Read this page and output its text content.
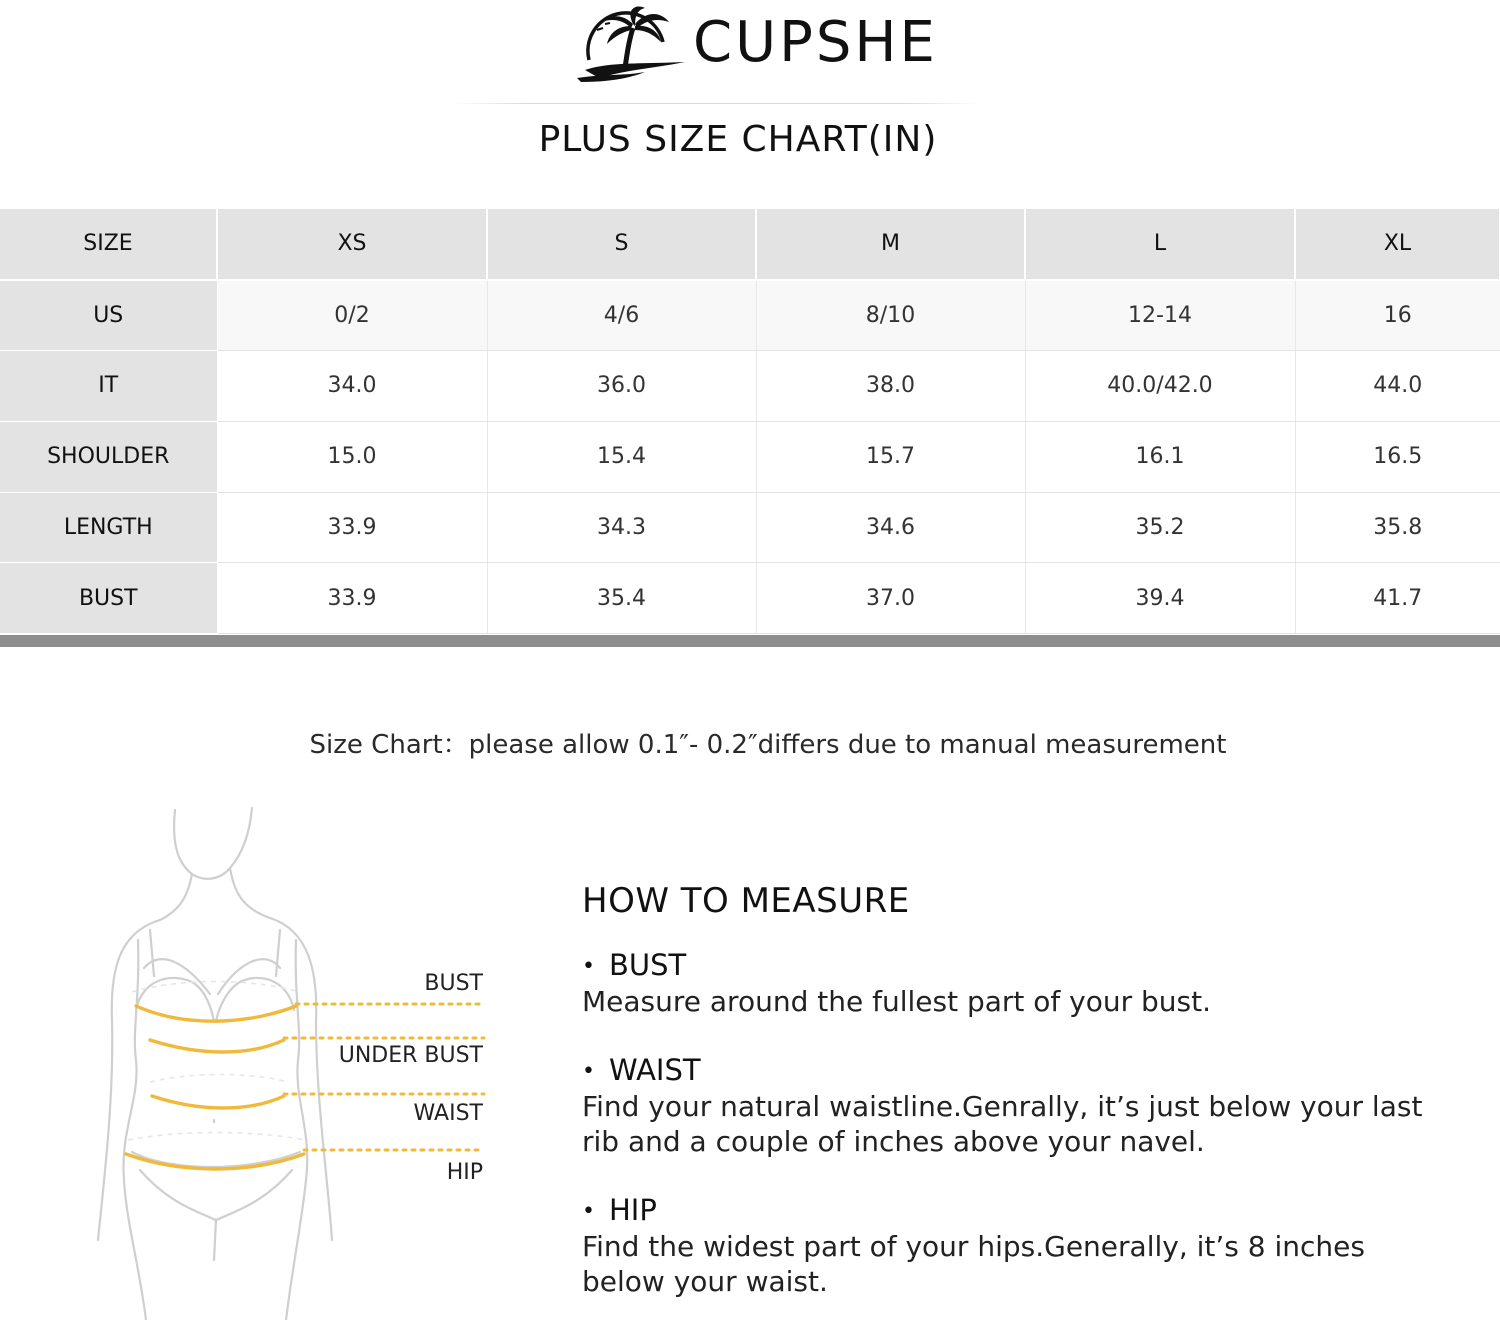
CUPSHE
PLUS SIZE CHART(IN)
SIZE	XS	S	M	L	XL
US	0/2	4/6	8/10	12-14	16
IT	34.0	36.0	38.0	40.0/42.0	44.0
SHOULDER	15.0	15.4	15.7	16.1	16.5
LENGTH	33.9	34.3	34.6	35.2	35.8
BUST	33.9	35.4	37.0	39.4	41.7
Size Chart：please allow 0.1″- 0.2″differs due to manual measurement
BUST
UNDER BUST
WAIST
HIP
HOW TO MEASURE
• BUST
Measure around the fullest part of your bust.
• WAIST
Find your natural waistline.Genrally, it’s just below your last
rib and a couple of inches above your navel.
• HIP
Find the widest part of your hips.Generally, it’s 8 inches
below your waist.
